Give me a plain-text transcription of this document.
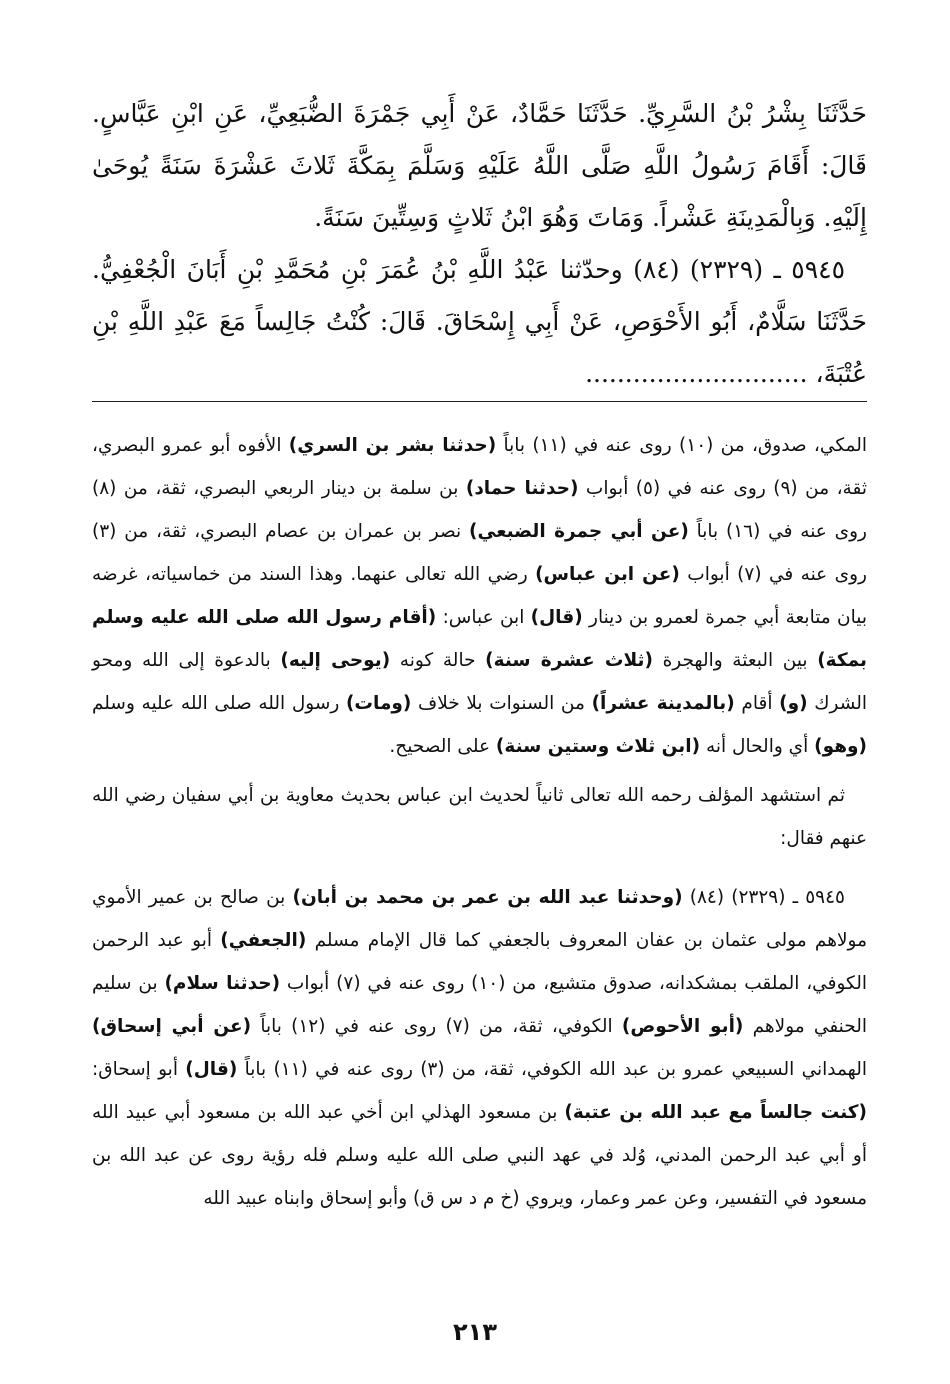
حَدَّثَنَا بِشْرُ بْنُ السَّرِيِّ. حَدَّثَنَا حَمَّادٌ، عَنْ أَبِي جَمْرَةَ الضُّبَعِيِّ، عَنِ ابْنِ عَبَّاسٍ. قَالَ: أَقَامَ رَسُولُ اللَّهِ صَلَّى اللَّهُ عَلَيْهِ وَسَلَّمَ بِمَكَّةَ ثَلاثَ عَشْرَةَ سَنَةً يُوحَىٰ إِلَيْهِ. وَبِالْمَدِينَةِ عَشْراً. وَمَاتَ وَهُوَ ابْنُ ثَلاثٍ وَسِتِّينَ سَنَةً.

٥٩٤٥ ـ (٢٣٢٩) (٨٤) وحدّثنا عَبْدُ اللَّهِ بْنُ عُمَرَ بْنِ مُحَمَّدِ بْنِ أَبَانَ الْجُعْفِيُّ. حَدَّثَنَا سَلَّامٌ، أَبُو الأَحْوَصِ، عَنْ أَبِي إِسْحَاقَ. قَالَ: كُنْتُ جَالِساً مَعَ عَبْدِ اللَّهِ بْنِ عُتْبَةَ، ............................

المكي، صدوق، من (١٠) روى عنه في (١١) باباً (حدثنا بشر بن السري) الأفوه أبو عمرو البصري، ثقة، من (٩) روى عنه في (٥) أبواب (حدثنا حماد) بن سلمة بن دينار الربعي البصري، ثقة، من (٨) روى عنه في (١٦) باباً (عن أبي جمرة الضبعي) نصر بن عمران بن عصام البصري، ثقة، من (٣) روى عنه في (٧) أبواب (عن ابن عباس) رضي الله تعالى عنهما. وهذا السند من خماسياته، غرضه بيان متابعة أبي جمرة لعمرو بن دينار (قال) ابن عباس: (أقام رسول الله صلى الله عليه وسلم بمكة) بين البعثة والهجرة (ثلاث عشرة سنة) حالة كونه (يوحى إليه) بالدعوة إلى الله ومحو الشرك (و) أقام (بالمدينة عشراً) من السنوات بلا خلاف (ومات) رسول الله صلى الله عليه وسلم (وهو) أي والحال أنه (ابن ثلاث وستين سنة) على الصحيح.

ثم استشهد المؤلف رحمه الله تعالى ثانياً لحديث ابن عباس بحديث معاوية بن أبي سفيان رضي الله عنهم فقال:

٥٩٤٥ ـ (٢٣٢٩) (٨٤) (وحدثنا عبد الله بن عمر بن محمد بن أبان) بن صالح بن عمير الأموي مولاهم مولى عثمان بن عفان المعروف بالجعفي كما قال الإمام مسلم (الجعفي) أبو عبد الرحمن الكوفي، الملقب بمشكدانه، صدوق متشيع، من (١٠) روى عنه في (٧) أبواب (حدثنا سلام) بن سليم الحنفي مولاهم (أبو الأحوص) الكوفي، ثقة، من (٧) روى عنه في (١٢) باباً (عن أبي إسحاق) الهمداني السبيعي عمرو بن عبد الله الكوفي، ثقة، من (٣) روى عنه في (١١) باباً (قال) أبو إسحاق: (كنت جالساً مع عبد الله بن عتبة) بن مسعود الهذلي ابن أخي عبد الله بن مسعود أبي عبيد الله أو أبي عبد الرحمن المدني، وُلد في عهد النبي صلى الله عليه وسلم فله رؤية روى عن عبد الله بن مسعود في التفسير، وعن عمر وعمار، ويروي (خ م د س ق) وأبو إسحاق وابناه عبيد الله

٢١٣
